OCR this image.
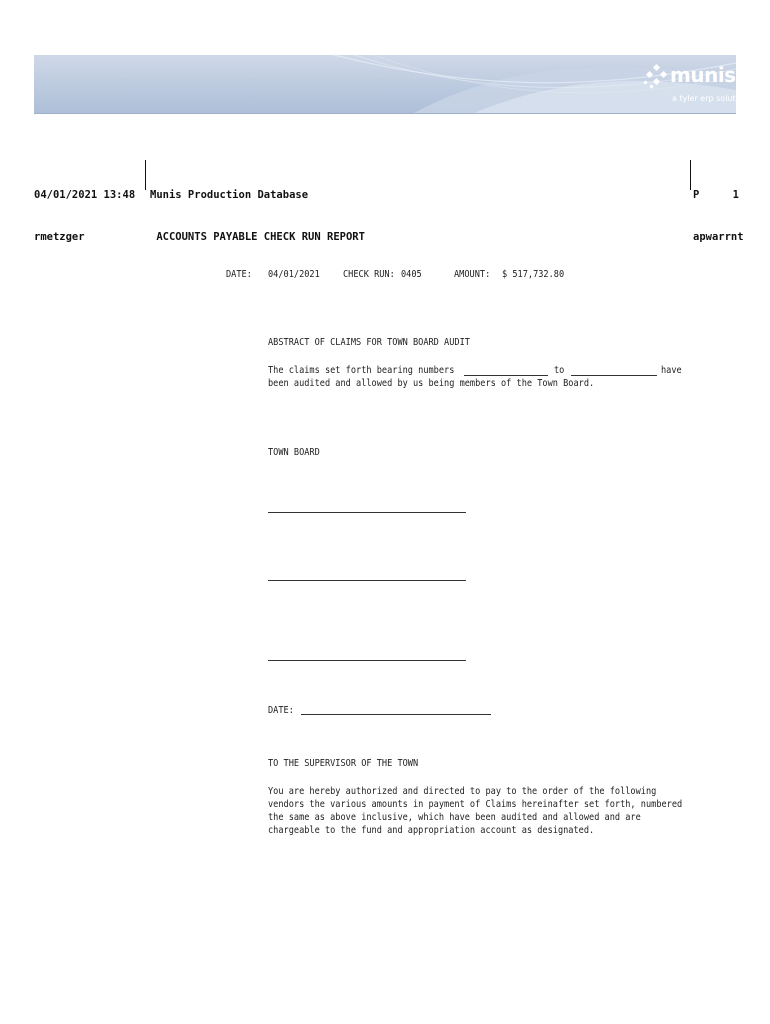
munis
a tyler erp solution

04/01/2021 13:48

rmetzger

Munis Production Database

ACCOUNTS PAYABLE CHECK RUN REPORT

P	1

apwarrnt

DATE: 04/01/2021 CHECK RUN: 0405	AMOUNT: $ 517,732.80
ABSTRACT OF CLAIMS FOR TOWN BOARD AUDIT
The claims set forth bearing numbers	to	have
been audited and allowed by us being members of the Town Board.
TOWN BOARD
DATE:
TO THE SUPERVISOR OF THE TOWN
You are hereby authorized and directed to pay to the order of the following
vendors the various amounts in payment of Claims hereinafter set forth, numbered
the same as above inclusive, which have been audited and allowed and are
chargeable to the fund and appropriation account as designated.
